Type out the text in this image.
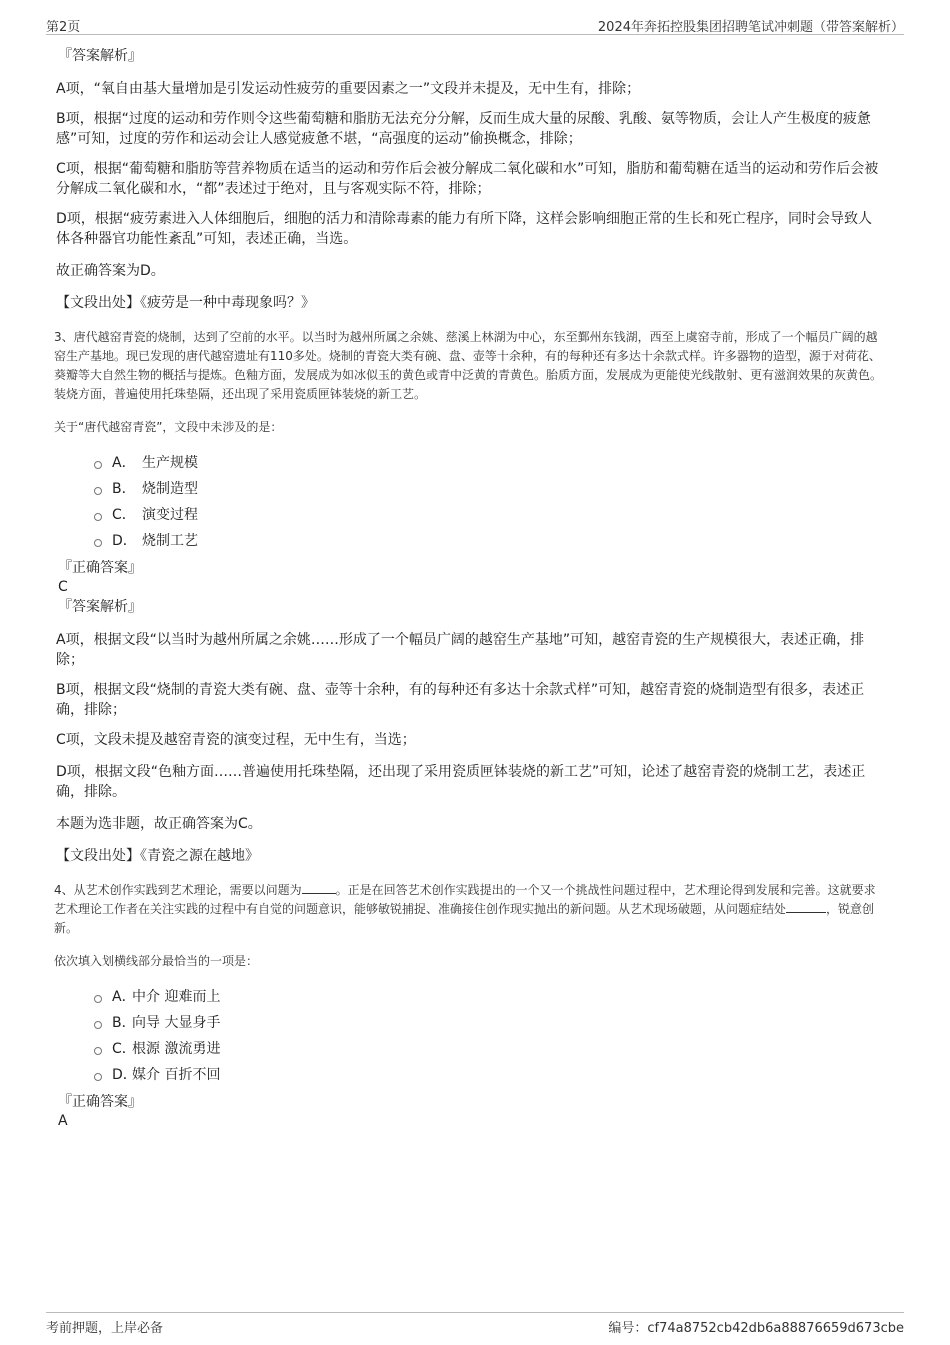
第2页	2024年奔拓控股集团招聘笔试冲刺题（带答案解析）

『答案解析』

A项，“氧自由基大量增加是引发运动性疲劳的重要因素之一”文段并未提及，无中生有，排除；

B项，根据“过度的运动和劳作则令这些葡萄糖和脂肪无法充分分解，反而生成大量的尿酸、乳酸、氨等物质，会让人产生极度的疲惫感”可知，过度的劳作和运动会让人感觉疲惫不堪，“高强度的运动”偷换概念，排除；

C项，根据“葡萄糖和脂肪等营养物质在适当的运动和劳作后会被分解成二氧化碳和水”可知，脂肪和葡萄糖在适当的运动和劳作后会被分解成二氧化碳和水，“都”表述过于绝对，且与客观实际不符，排除；

D项，根据“疲劳素进入人体细胞后，细胞的活力和清除毒素的能力有所下降，这样会影响细胞正常的生长和死亡程序，同时会导致人体各种器官功能性紊乱”可知，表述正确，当选。

故正确答案为D。

【文段出处】《疲劳是一种中毒现象吗？》

3、唐代越窑青瓷的烧制，达到了空前的水平。以当时为越州所属之余姚、慈溪上林湖为中心，东至鄞州东钱湖，西至上虞窑寺前，形成了一个幅员广阔的越窑生产基地。现已发现的唐代越窑遗址有110多处。烧制的青瓷大类有碗、盘、壶等十余种，有的每种还有多达十余款式样。许多器物的造型，源于对荷花、葵瓣等大自然生物的概括与提炼。色釉方面，发展成为如冰似玉的黄色或青中泛黄的青黄色。胎质方面，发展成为更能使光线散射、更有滋润效果的灰黄色。装烧方面，普遍使用托珠垫隔，还出现了采用瓷质匣钵装烧的新工艺。

关于“唐代越窑青瓷”，文段中未涉及的是：

A． 生产规模
B． 烧制造型
C． 演变过程
D． 烧制工艺

『正确答案』

C

『答案解析』

A项，根据文段“以当时为越州所属之余姚……形成了一个幅员广阔的越窑生产基地”可知，越窑青瓷的生产规模很大，表述正确，排除；

B项，根据文段“烧制的青瓷大类有碗、盘、壶等十余种，有的每种还有多达十余款式样”可知，越窑青瓷的烧制造型有很多，表述正确，排除；

C项，文段未提及越窑青瓷的演变过程，无中生有，当选；

D项，根据文段“色釉方面……普遍使用托珠垫隔，还出现了采用瓷质匣钵装烧的新工艺”可知，论述了越窑青瓷的烧制工艺，表述正确，排除。

本题为选非题，故正确答案为C。

【文段出处】《青瓷之源在越地》

4、从艺术创作实践到艺术理论，需要以问题为	。正是在回答艺术创作实践提出的一个又一个挑战性问题过程中，艺术理论得到发展和完善。这就要求艺术理论工作者在关注实践的过程中有自觉的问题意识，能够敏锐捕捉、准确接住创作现实抛出的新问题。从艺术现场破题，从问题症结处	，锐意创新。

依次填入划横线部分最恰当的一项是：

A．
中介 迎难而上
B．
向导 大显身手
C．
根源 激流勇进
D．
媒介 百折不回

『正确答案』

A

考前押题，上岸必备	编号：cf74a8752cb42db6a88876659d673cbe
